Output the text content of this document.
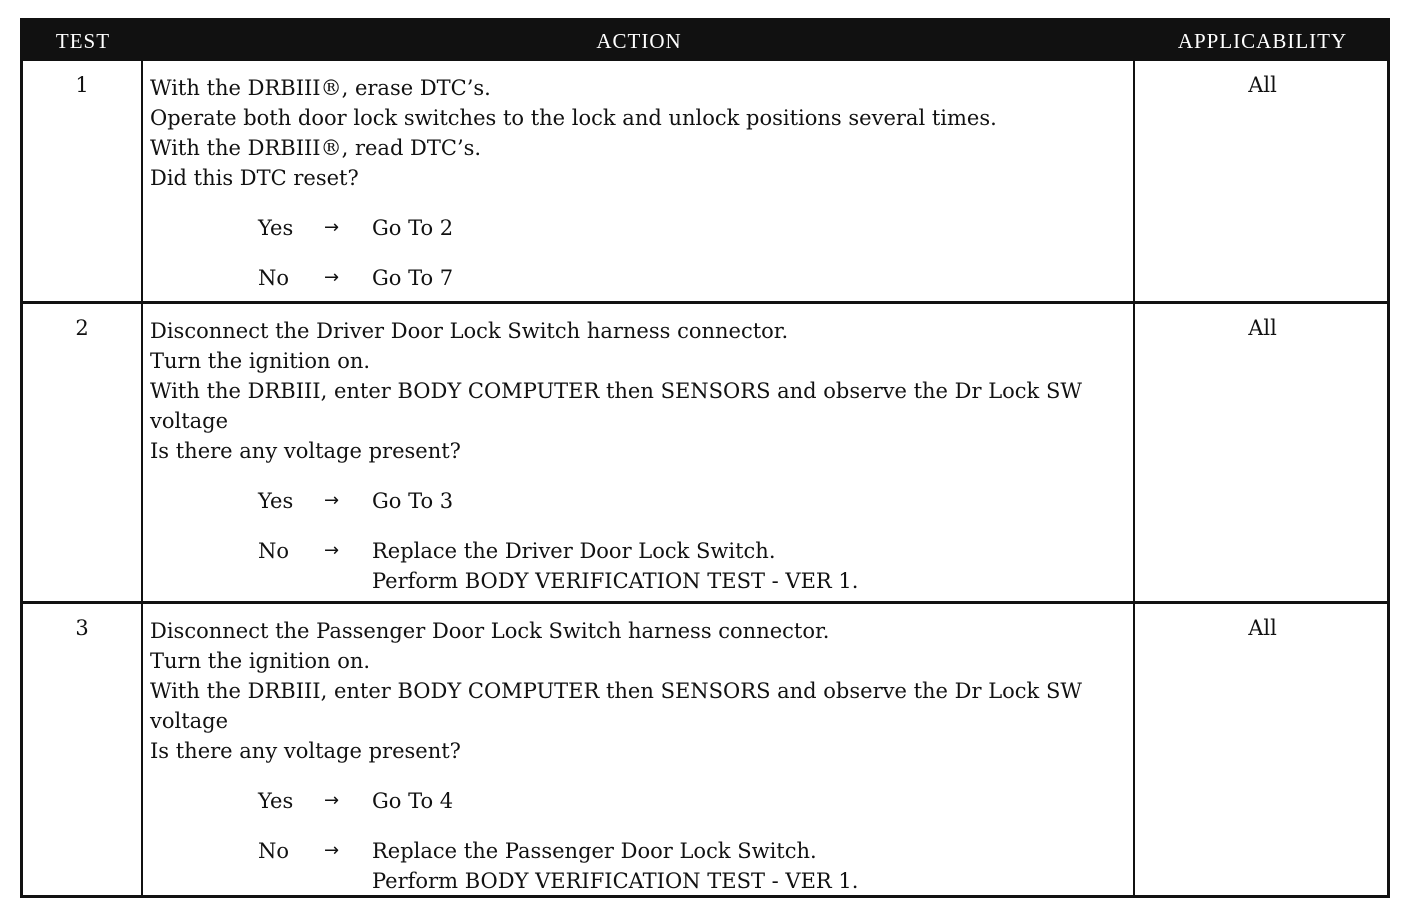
TEST	ACTION	APPLICABILITY
1	With the DRBIII®, erase DTC’s.
Operate both door lock switches to the lock and unlock positions several times.
With the DRBIII®, read DTC’s.
Did this DTC reset?
Yes → Go To 2
No → Go To 7
All
2	Disconnect the Driver Door Lock Switch harness connector.
Turn the ignition on.
With the DRBIII, enter BODY COMPUTER then SENSORS and observe the Dr Lock SW voltage
Is there any voltage present?
Yes → Go To 3
No → Replace the Driver Door Lock Switch.
Perform BODY VERIFICATION TEST - VER 1.
All
3	Disconnect the Passenger Door Lock Switch harness connector.
Turn the ignition on.
With the DRBIII, enter BODY COMPUTER then SENSORS and observe the Dr Lock SW voltage
Is there any voltage present?
Yes → Go To 4
No → Replace the Passenger Door Lock Switch.
Perform BODY VERIFICATION TEST - VER 1.
All
